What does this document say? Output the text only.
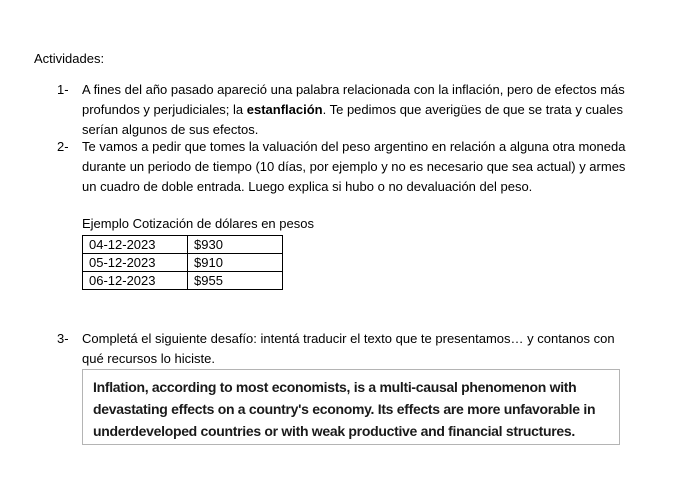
Actividades:
1-	A fines del año pasado apareció una palabra relacionada con la inflación, pero de efectos más profundos y perjudiciales; la estanflación. Te pedimos que averigües de que se trata y cuales serían algunos de sus efectos.
2-	Te vamos a pedir que tomes la valuación del peso argentino en relación a alguna otra moneda durante un periodo de tiempo (10 días, por ejemplo y no es necesario que sea actual) y armes un cuadro de doble entrada. Luego explica si hubo o no devaluación del peso.
Ejemplo Cotización de dólares en pesos
04-12-2023	$930
05-12-2023	$910
06-12-2023	$955
3-	Completá el siguiente desafío: intentá traducir el texto que te presentamos… y contanos con qué recursos lo hiciste.
Inflation, according to most economists, is a multi-causal phenomenon with devastating effects on a country's economy. Its effects are more unfavorable in underdeveloped countries or with weak productive and financial structures.
